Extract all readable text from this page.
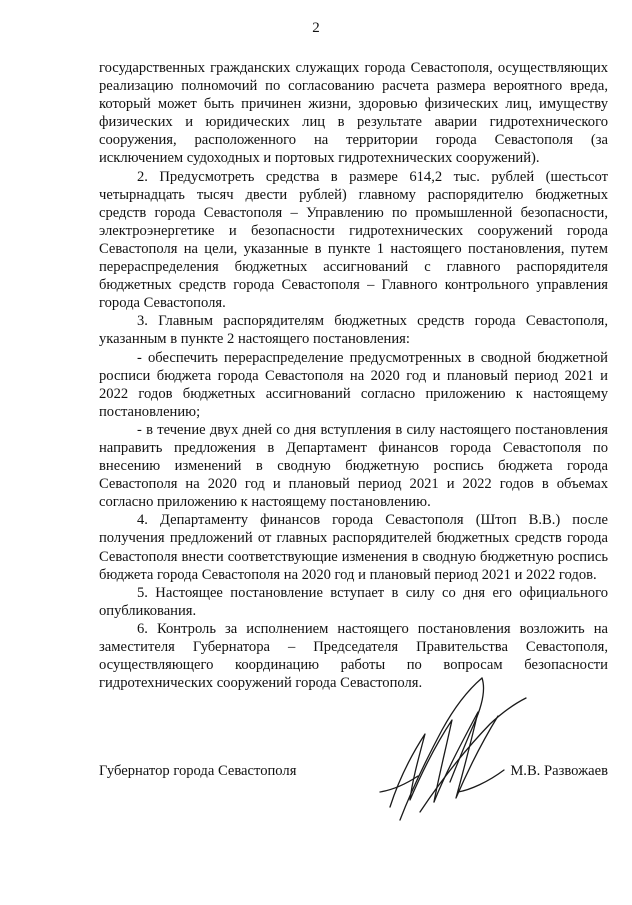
2

государственных гражданских служащих города Севастополя, осуществляющих реализацию полномочий по согласованию расчета размера вероятного вреда, который может быть причинен жизни, здоровью физических лиц, имуществу физических и юридических лиц в результате аварии гидротехнического сооружения, расположенного на территории города Севастополя (за исключением судоходных и портовых гидротехнических сооружений).

2. Предусмотреть средства в размере 614,2 тыс. рублей (шестьсот четырнадцать тысяч двести рублей) главному распорядителю бюджетных средств города Севастополя – Управлению по промышленной безопасности, электроэнергетике и безопасности гидротехнических сооружений города Севастополя на цели, указанные в пункте 1 настоящего постановления, путем перераспределения бюджетных ассигнований с главного распорядителя бюджетных средств города Севастополя – Главного контрольного управления города Севастополя.

3. Главным распорядителям бюджетных средств города Севастополя, указанным в пункте 2 настоящего постановления:

- обеспечить перераспределение предусмотренных в сводной бюджетной росписи бюджета города Севастополя на 2020 год и плановый период 2021 и 2022 годов бюджетных ассигнований согласно приложению к настоящему постановлению;

- в течение двух дней со дня вступления в силу настоящего постановления направить предложения в Департамент финансов города Севастополя по внесению изменений в сводную бюджетную роспись бюджета города Севастополя на 2020 год и плановый период 2021 и 2022 годов в объемах согласно приложению к настоящему постановлению.

4. Департаменту финансов города Севастополя (Штоп В.В.) после получения предложений от главных распорядителей бюджетных средств города Севастополя внести соответствующие изменения в сводную бюджетную роспись бюджета города Севастополя на 2020 год и плановый период 2021 и 2022 годов.

5. Настоящее постановление вступает в силу со дня его официального опубликования.

6. Контроль за исполнением настоящего постановления возложить на заместителя Губернатора – Председателя Правительства Севастополя, осуществляющего координацию работы по вопросам безопасности гидротехнических сооружений города Севастополя.

Губернатор города Севастополя	М.В. Развожаев
